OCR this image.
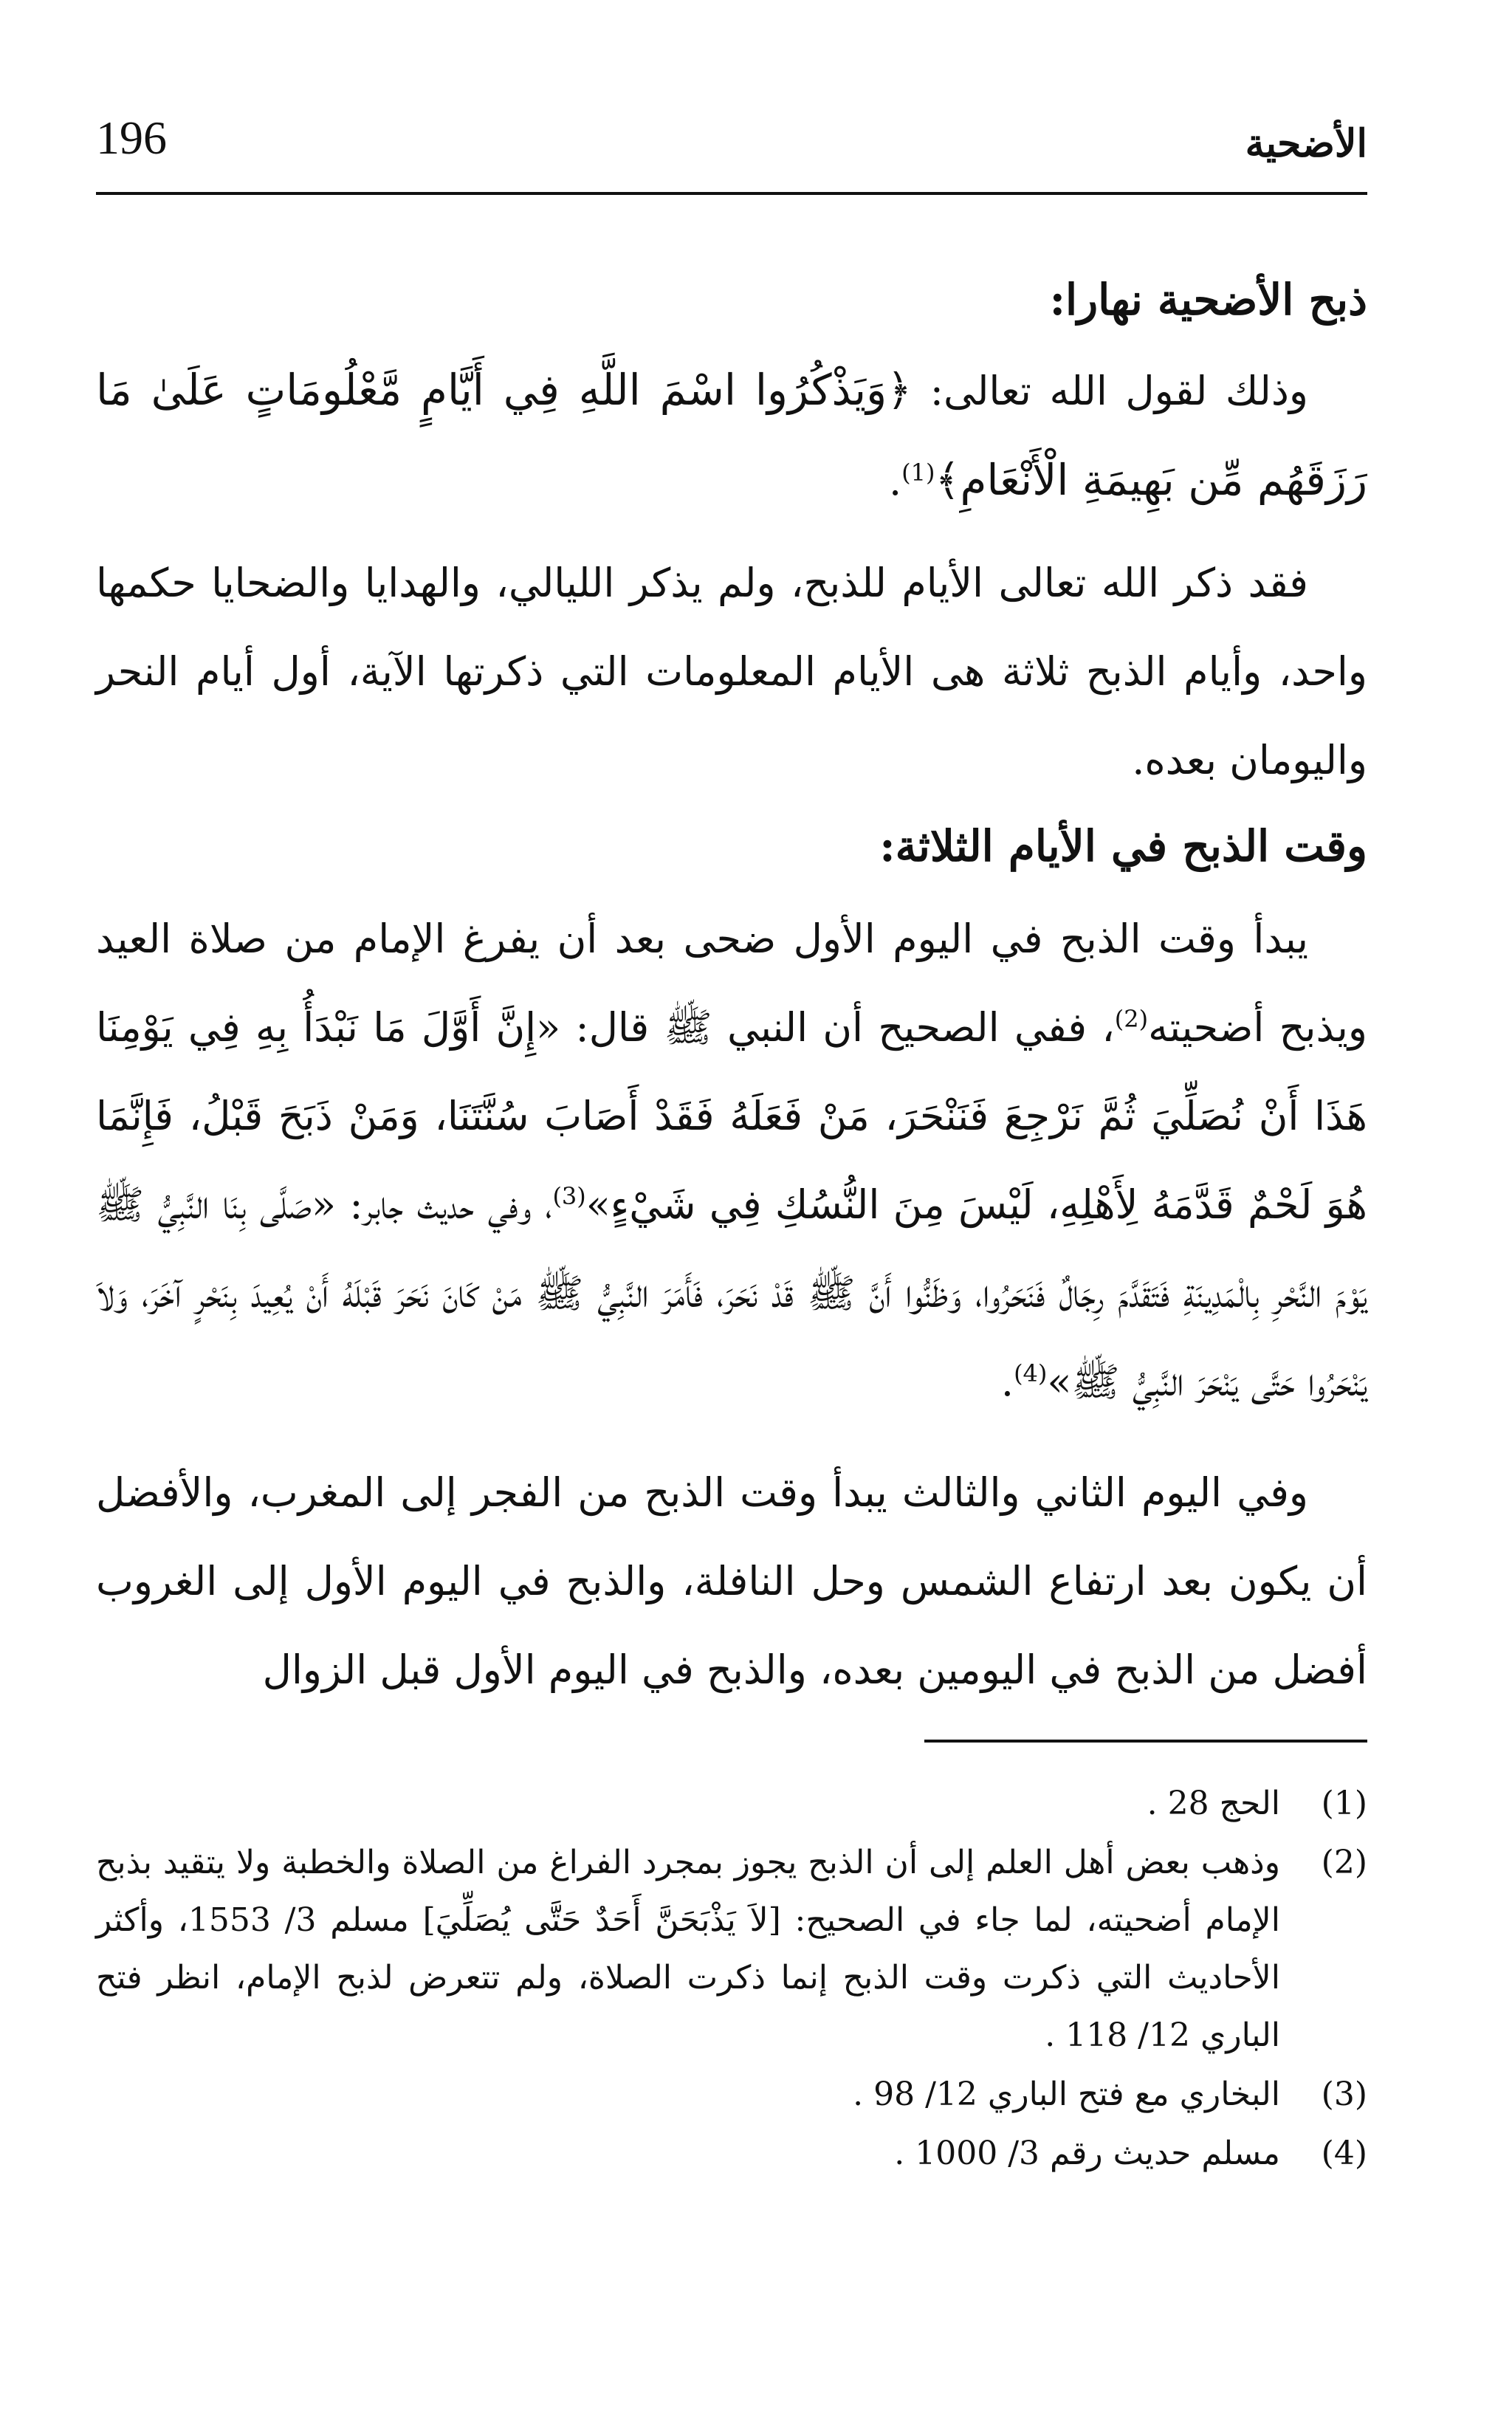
196	الأضحية
ذبح الأضحية نهارا:

وذلك لقول الله تعالى: ﴿وَيَذْكُرُوا اسْمَ اللَّهِ فِي أَيَّامٍ مَّعْلُومَاتٍ عَلَىٰ مَا رَزَقَهُم مِّن بَهِيمَةِ الْأَنْعَامِ﴾$^{(1)}$.

فقد ذكر الله تعالى الأيام للذبح، ولم يذكر الليالي، والهدايا والضحايا حكمها واحد، وأيام الذبح ثلاثة هى الأيام المعلومات التي ذكرتها الآية، أول أيام النحر واليومان بعده.

وقت الذبح في الأيام الثلاثة:

يبدأ وقت الذبح في اليوم الأول ضحى بعد أن يفرغ الإمام من صلاة العيد ويذبح أضحيته$^{(2)}$، ففي الصحيح أن النبي ﷺ قال: «إِنَّ أَوَّلَ مَا نَبْدَأُ بِهِ فِي يَوْمِنَا هَذَا أَنْ نُصَلِّيَ ثُمَّ نَرْجِعَ فَنَنْحَرَ، مَنْ فَعَلَهُ فَقَدْ أَصَابَ سُنَّتَنَا، وَمَنْ ذَبَحَ قَبْلُ، فَإِنَّمَا هُوَ لَحْمٌ قَدَّمَهُ لِأَهْلِهِ، لَيْسَ مِنَ النُّسُكِ فِي شَيْءٍ»$^{(3)}$، وفي حديث جابر: «صَلَّى بِنَا النَّبِيُّ ﷺ يَوْمَ النَّحْرِ بِالْمَدِينَةِ فَتَقَدَّمَ رِجَالٌ فَنَحَرُوا، وَظَنُّوا أَنَّ ﷺ قَدْ نَحَرَ، فَأَمَرَ النَّبِيُّ ﷺ مَنْ كَانَ نَحَرَ قَبْلَهُ أَنْ يُعِيدَ بِنَحْرٍ آخَرَ، وَلاَ يَنْحَرُوا حَتَّى يَنْحَرَ النَّبِيُّ ﷺ»$^{(4)}$.

وفي اليوم الثاني والثالث يبدأ وقت الذبح من الفجر إلى المغرب، والأفضل أن يكون بعد ارتفاع الشمس وحل النافلة، والذبح في اليوم الأول إلى الغروب أفضل من الذبح في اليومين بعده، والذبح في اليوم الأول قبل الزوال

(1)
الحج 28 .
(2)
وذهب بعض أهل العلم إلى أن الذبح يجوز بمجرد الفراغ من الصلاة والخطبة ولا يتقيد بذبح الإمام أضحيته، لما جاء في الصحيح: [لاَ يَذْبَحَنَّ أَحَدٌ حَتَّى يُصَلِّيَ] مسلم 3/ 1553، وأكثر الأحاديث التي ذكرت وقت الذبح إنما ذكرت الصلاة، ولم تتعرض لذبح الإمام، انظر فتح الباري 12/ 118 .
(3)
البخاري مع فتح الباري 12/ 98 .
(4)
مسلم حديث رقم 3/ 1000 .
